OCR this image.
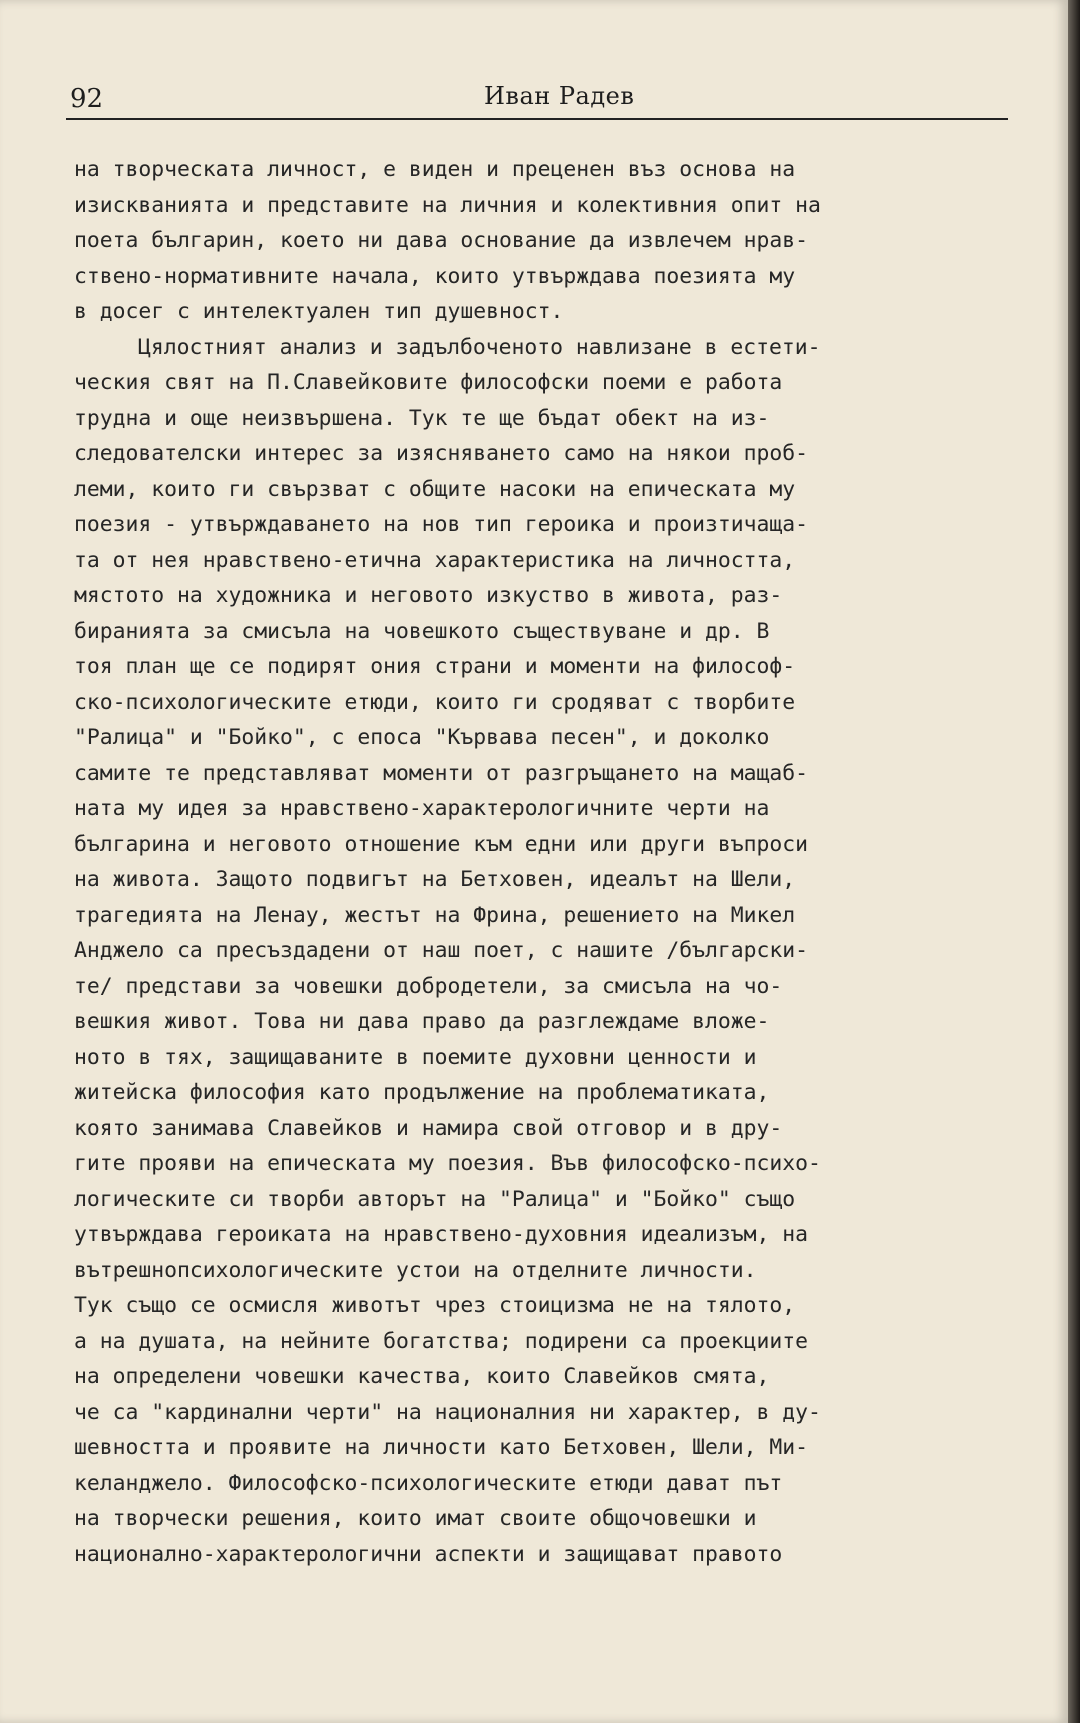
92	Иван Радев
на творческата личност, е виден и преценен въз основа на
изискванията и представите на личния и колективния опит на
поета българин, което ни дава основание да извлечем нрав-
ствено-нормативните начала, които утвърждава поезията му
в досег с интелектуален тип душевност.
Цялостният анализ и задълбоченото навлизане в естети-
ческия свят на П.Славейковите философски поеми е работа
трудна и още неизвършена. Тук те ще бъдат обект на из-
следователски интерес за изясняването само на някои проб-
леми, които ги свързват с общите насоки на епическата му
поезия - утвърждаването на нов тип героика и произтичаща-
та от нея нравствено-етична характеристика на личността,
мястото на художника и неговото изкуство в живота, раз-
биранията за смисъла на човешкото съществуване и др. В
тоя план ще се подирят ония страни и моменти на философ-
ско-психологическите етюди, които ги сродяват с творбите
"Ралица" и "Бойко", с епоса "Кървава песен", и доколко
самите те представляват моменти от разгръщането на мащаб-
ната му идея за нравствено-характерологичните черти на
българина и неговото отношение към едни или други въпроси
на живота. Защото подвигът на Бетховен, идеалът на Шели,
трагедията на Ленау, жестът на Фрина, решението на Микел
Анджело са пресъздадени от наш поет, с нашите /български-
те/ представи за човешки добродетели, за смисъла на чо-
вешкия живот. Това ни дава право да разглеждаме вложе-
ното в тях, защищаваните в поемите духовни ценности и
житейска философия като продължение на проблематиката,
която занимава Славейков и намира свой отговор и в дру-
гите прояви на епическата му поезия. Във философско-психо-
логическите си творби авторът на "Ралица" и "Бойко" също
утвърждава героиката на нравствено-духовния идеализъм, на
вътрешнопсихологическите устои на отделните личности.
Тук също се осмисля животът чрез стоицизма не на тялото,
а на душата, на нейните богатства; подирени са проекциите
на определени човешки качества, които Славейков смята,
че са "кардинални черти" на националния ни характер, в ду-
шевността и проявите на личности като Бетховен, Шели, Ми-
келанджело. Философско-психологическите етюди дават път
на творчески решения, които имат своите общочовешки и
национално-характерологични аспекти и защищават правото
